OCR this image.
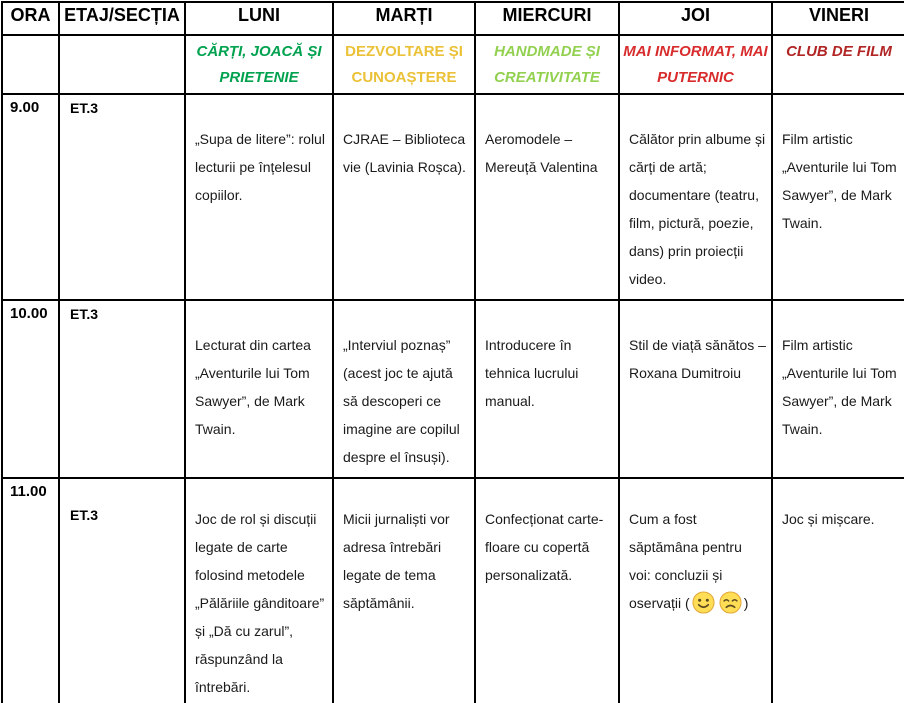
ORA	ETAJ/SECȚIA	LUNI	MARȚI	MIERCURI	JOI	VINERI
		CĂRȚI, JOACĂ ȘI PRIETENIE	DEZVOLTARE ȘI CUNOAȘTERE	HANDMADE ȘI CREATIVITATE	MAI INFORMAT, MAI PUTERNIC	CLUB DE FILM
9.00	ET.3	„Supa de litere”: rolul lecturii pe înțelesul copiilor.	CJRAE – Biblioteca vie (Lavinia Roșca).	Aeromodele – Mereuță Valentina	Călător prin albume și cărți de artă; documentare (teatru, film, pictură, poezie, dans) prin proiecții video.	Film artistic „Aventurile lui Tom Sawyer”, de Mark Twain.
10.00	ET.3	Lecturat din cartea „Aventurile lui Tom Sawyer”, de Mark Twain.	„Interviul poznaș” (acest joc te ajută să descoperi ce imagine are copilul despre el însuși).	Introducere în tehnica lucrului manual.	Stil de viață sănătos – Roxana Dumitroiu	Film artistic „Aventurile lui Tom Sawyer”, de Mark Twain.
11.00	ET.3	Joc de rol și discuții legate de carte folosind metodele „Pălăriile gânditoare” și „Dă cu zarul”, răspunzând la întrebări.	Micii jurnaliști vor adresa întrebări legate de tema săptămânii.	Confecționat carte-floare cu copertă personalizată.	Cum a fost săptămâna pentru voi: concluzii și oservații ( )	Joc și mișcare.
